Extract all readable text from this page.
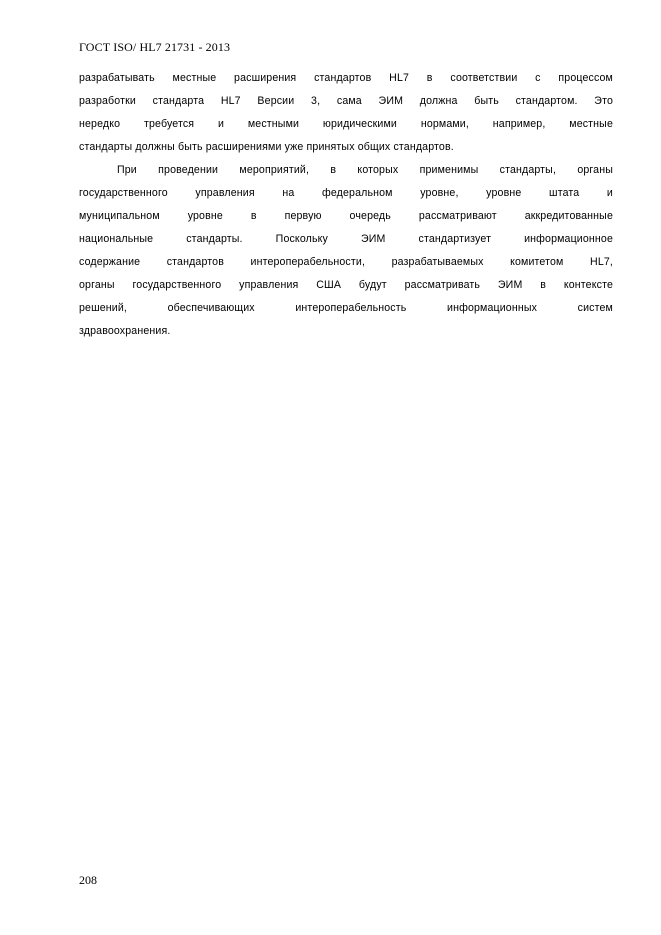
ГОСТ ISO/ HL7 21731 - 2013
разрабатывать местные расширения стандартов HL7 в соответствии с процессом
разработки стандарта HL7 Версии 3, сама ЭИМ должна быть стандартом. Это
нередко требуется и местными юридическими нормами, например, местные
стандарты должны быть расширениями уже принятых общих стандартов.
При проведении мероприятий, в которых применимы стандарты, органы
государственного управления на федеральном уровне, уровне штата и
муниципальном уровне в первую очередь рассматривают аккредитованные
национальные стандарты. Поскольку ЭИМ стандартизует информационное
содержание стандартов интероперабельности, разрабатываемых комитетом HL7,
органы государственного управления США будут рассматривать ЭИМ в контексте
решений, обеспечивающих интероперабельность информационных систем
здравоохранения.
208
